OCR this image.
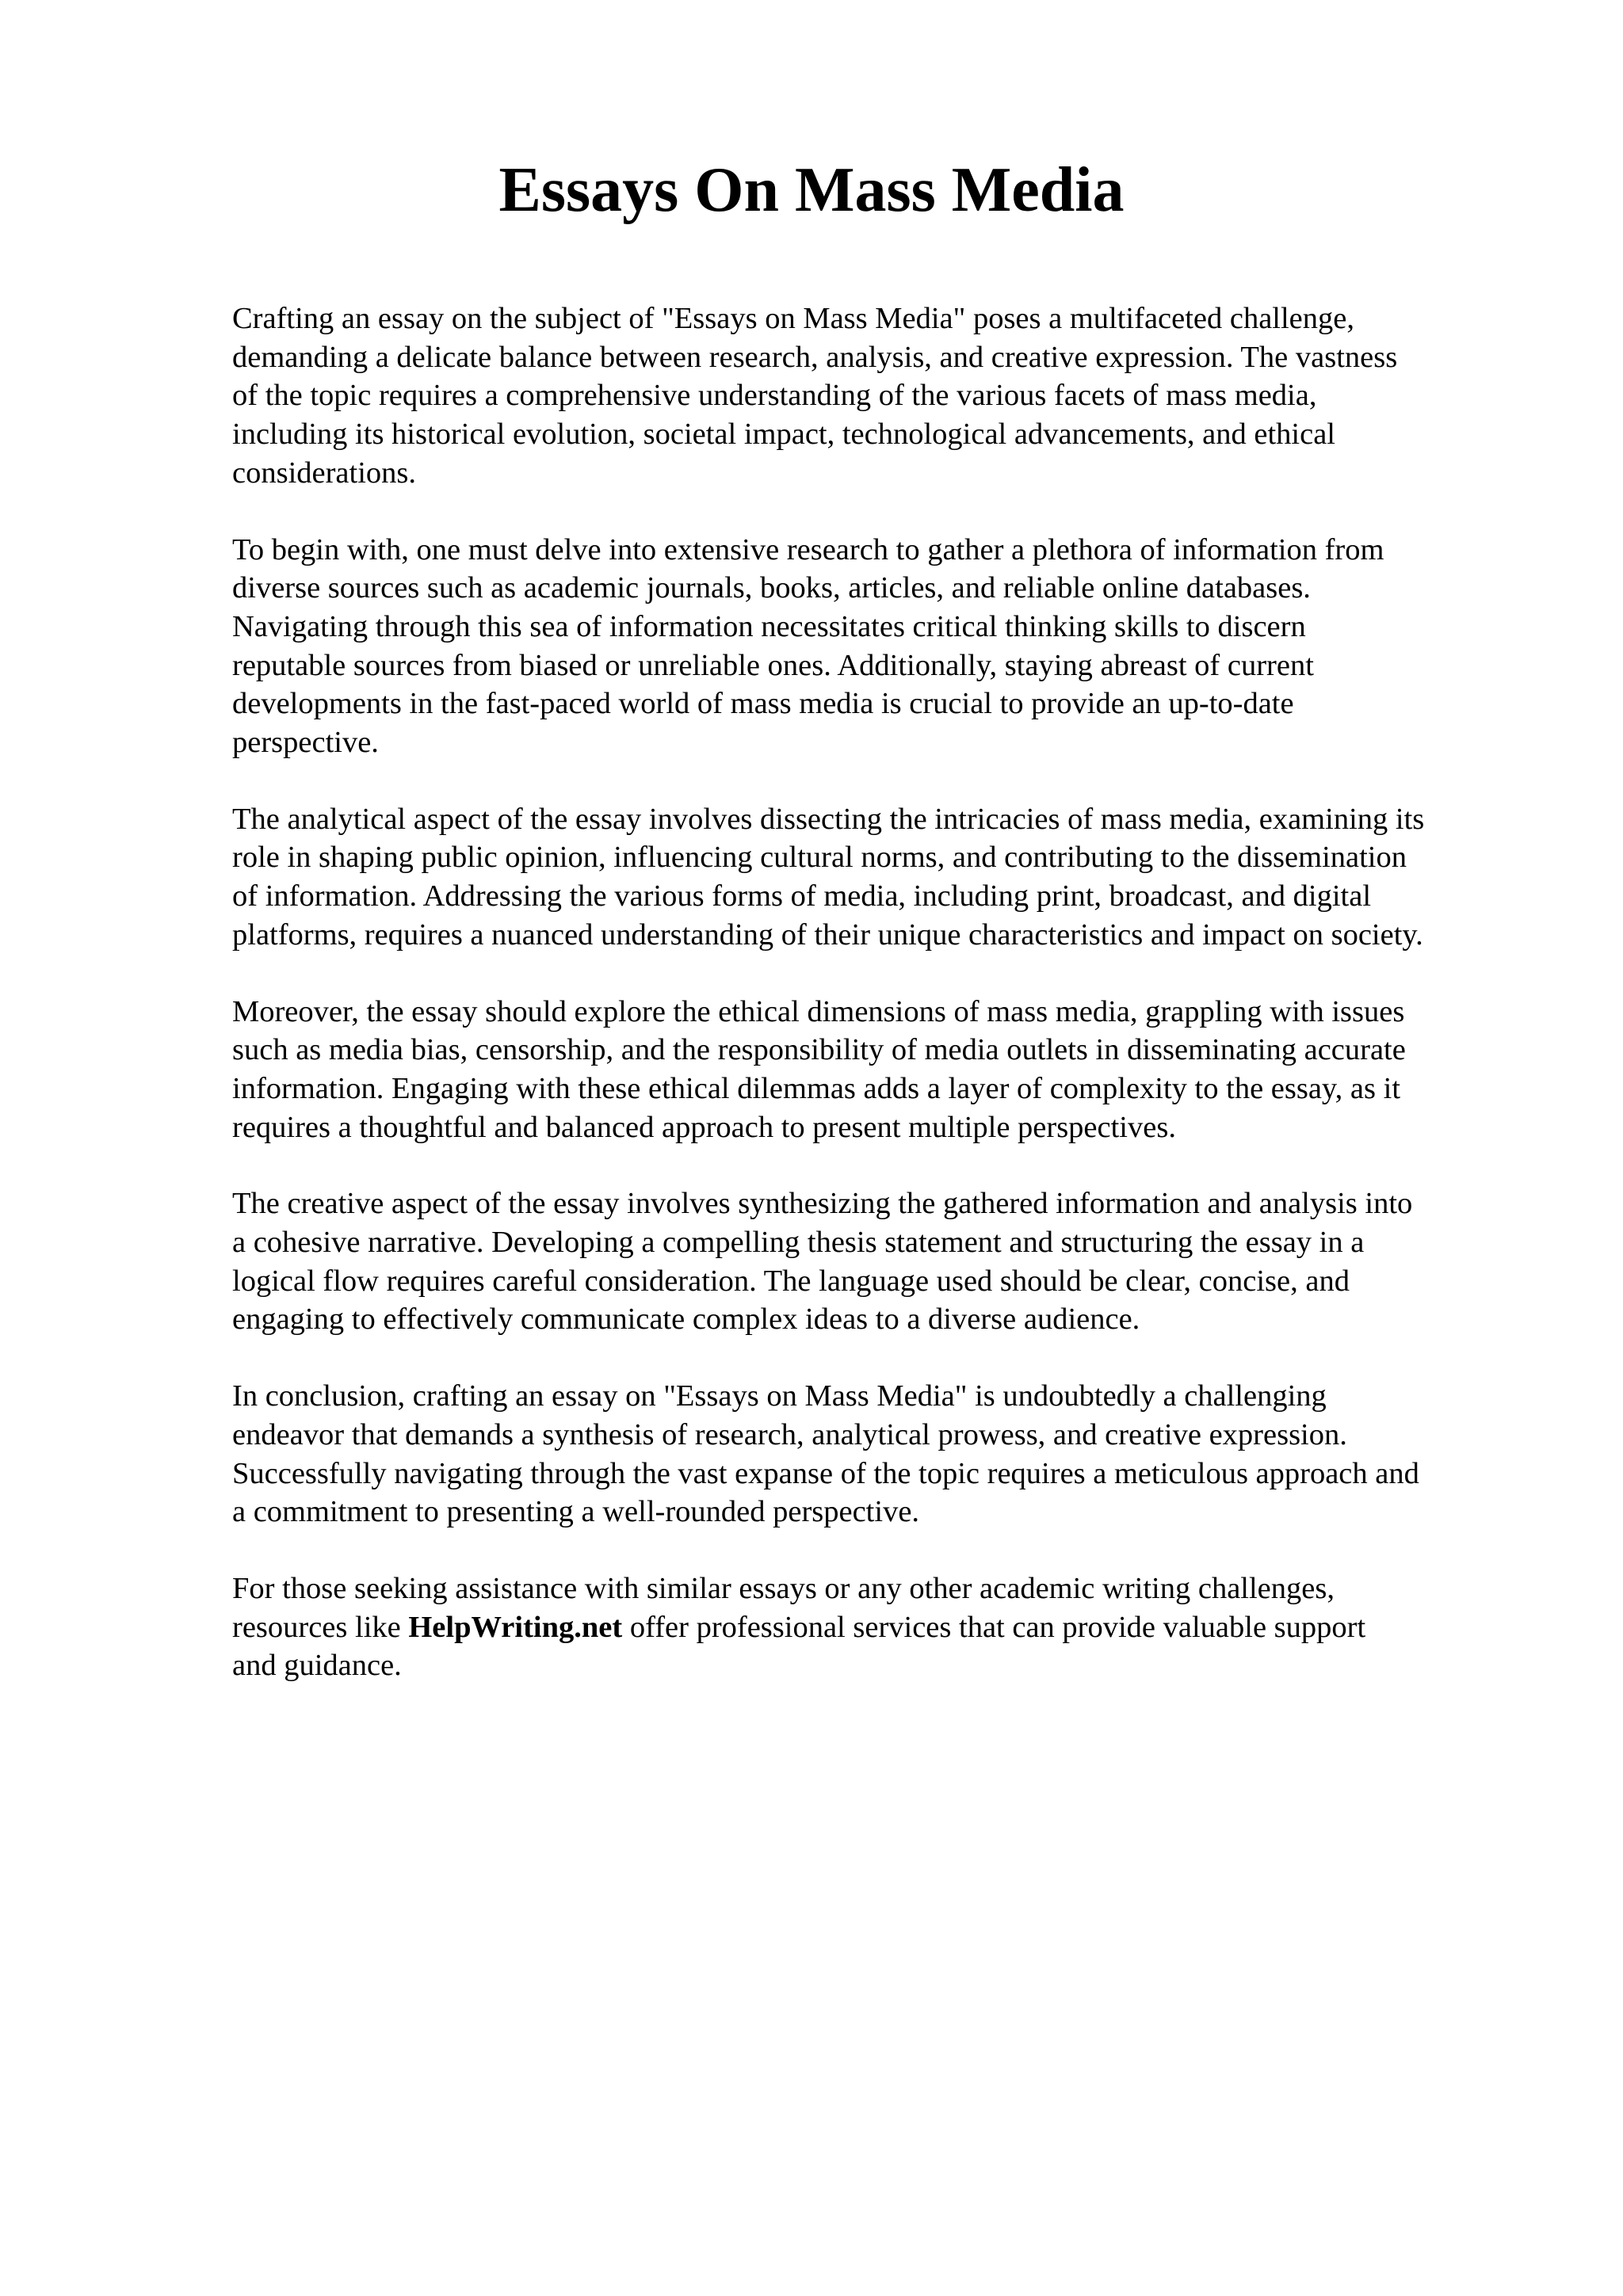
Essays On Mass Media

Crafting an essay on the subject of "Essays on Mass Media" poses a multifaceted challenge,
demanding a delicate balance between research, analysis, and creative expression. The vastness
of the topic requires a comprehensive understanding of the various facets of mass media,
including its historical evolution, societal impact, technological advancements, and ethical
considerations.

To begin with, one must delve into extensive research to gather a plethora of information from
diverse sources such as academic journals, books, articles, and reliable online databases.
Navigating through this sea of information necessitates critical thinking skills to discern
reputable sources from biased or unreliable ones. Additionally, staying abreast of current
developments in the fast-paced world of mass media is crucial to provide an up-to-date
perspective.

The analytical aspect of the essay involves dissecting the intricacies of mass media, examining its
role in shaping public opinion, influencing cultural norms, and contributing to the dissemination
of information. Addressing the various forms of media, including print, broadcast, and digital
platforms, requires a nuanced understanding of their unique characteristics and impact on society.

Moreover, the essay should explore the ethical dimensions of mass media, grappling with issues
such as media bias, censorship, and the responsibility of media outlets in disseminating accurate
information. Engaging with these ethical dilemmas adds a layer of complexity to the essay, as it
requires a thoughtful and balanced approach to present multiple perspectives.

The creative aspect of the essay involves synthesizing the gathered information and analysis into
a cohesive narrative. Developing a compelling thesis statement and structuring the essay in a
logical flow requires careful consideration. The language used should be clear, concise, and
engaging to effectively communicate complex ideas to a diverse audience.

In conclusion, crafting an essay on "Essays on Mass Media" is undoubtedly a challenging
endeavor that demands a synthesis of research, analytical prowess, and creative expression.
Successfully navigating through the vast expanse of the topic requires a meticulous approach and
a commitment to presenting a well-rounded perspective.

For those seeking assistance with similar essays or any other academic writing challenges,
resources like HelpWriting.net offer professional services that can provide valuable support
and guidance.
